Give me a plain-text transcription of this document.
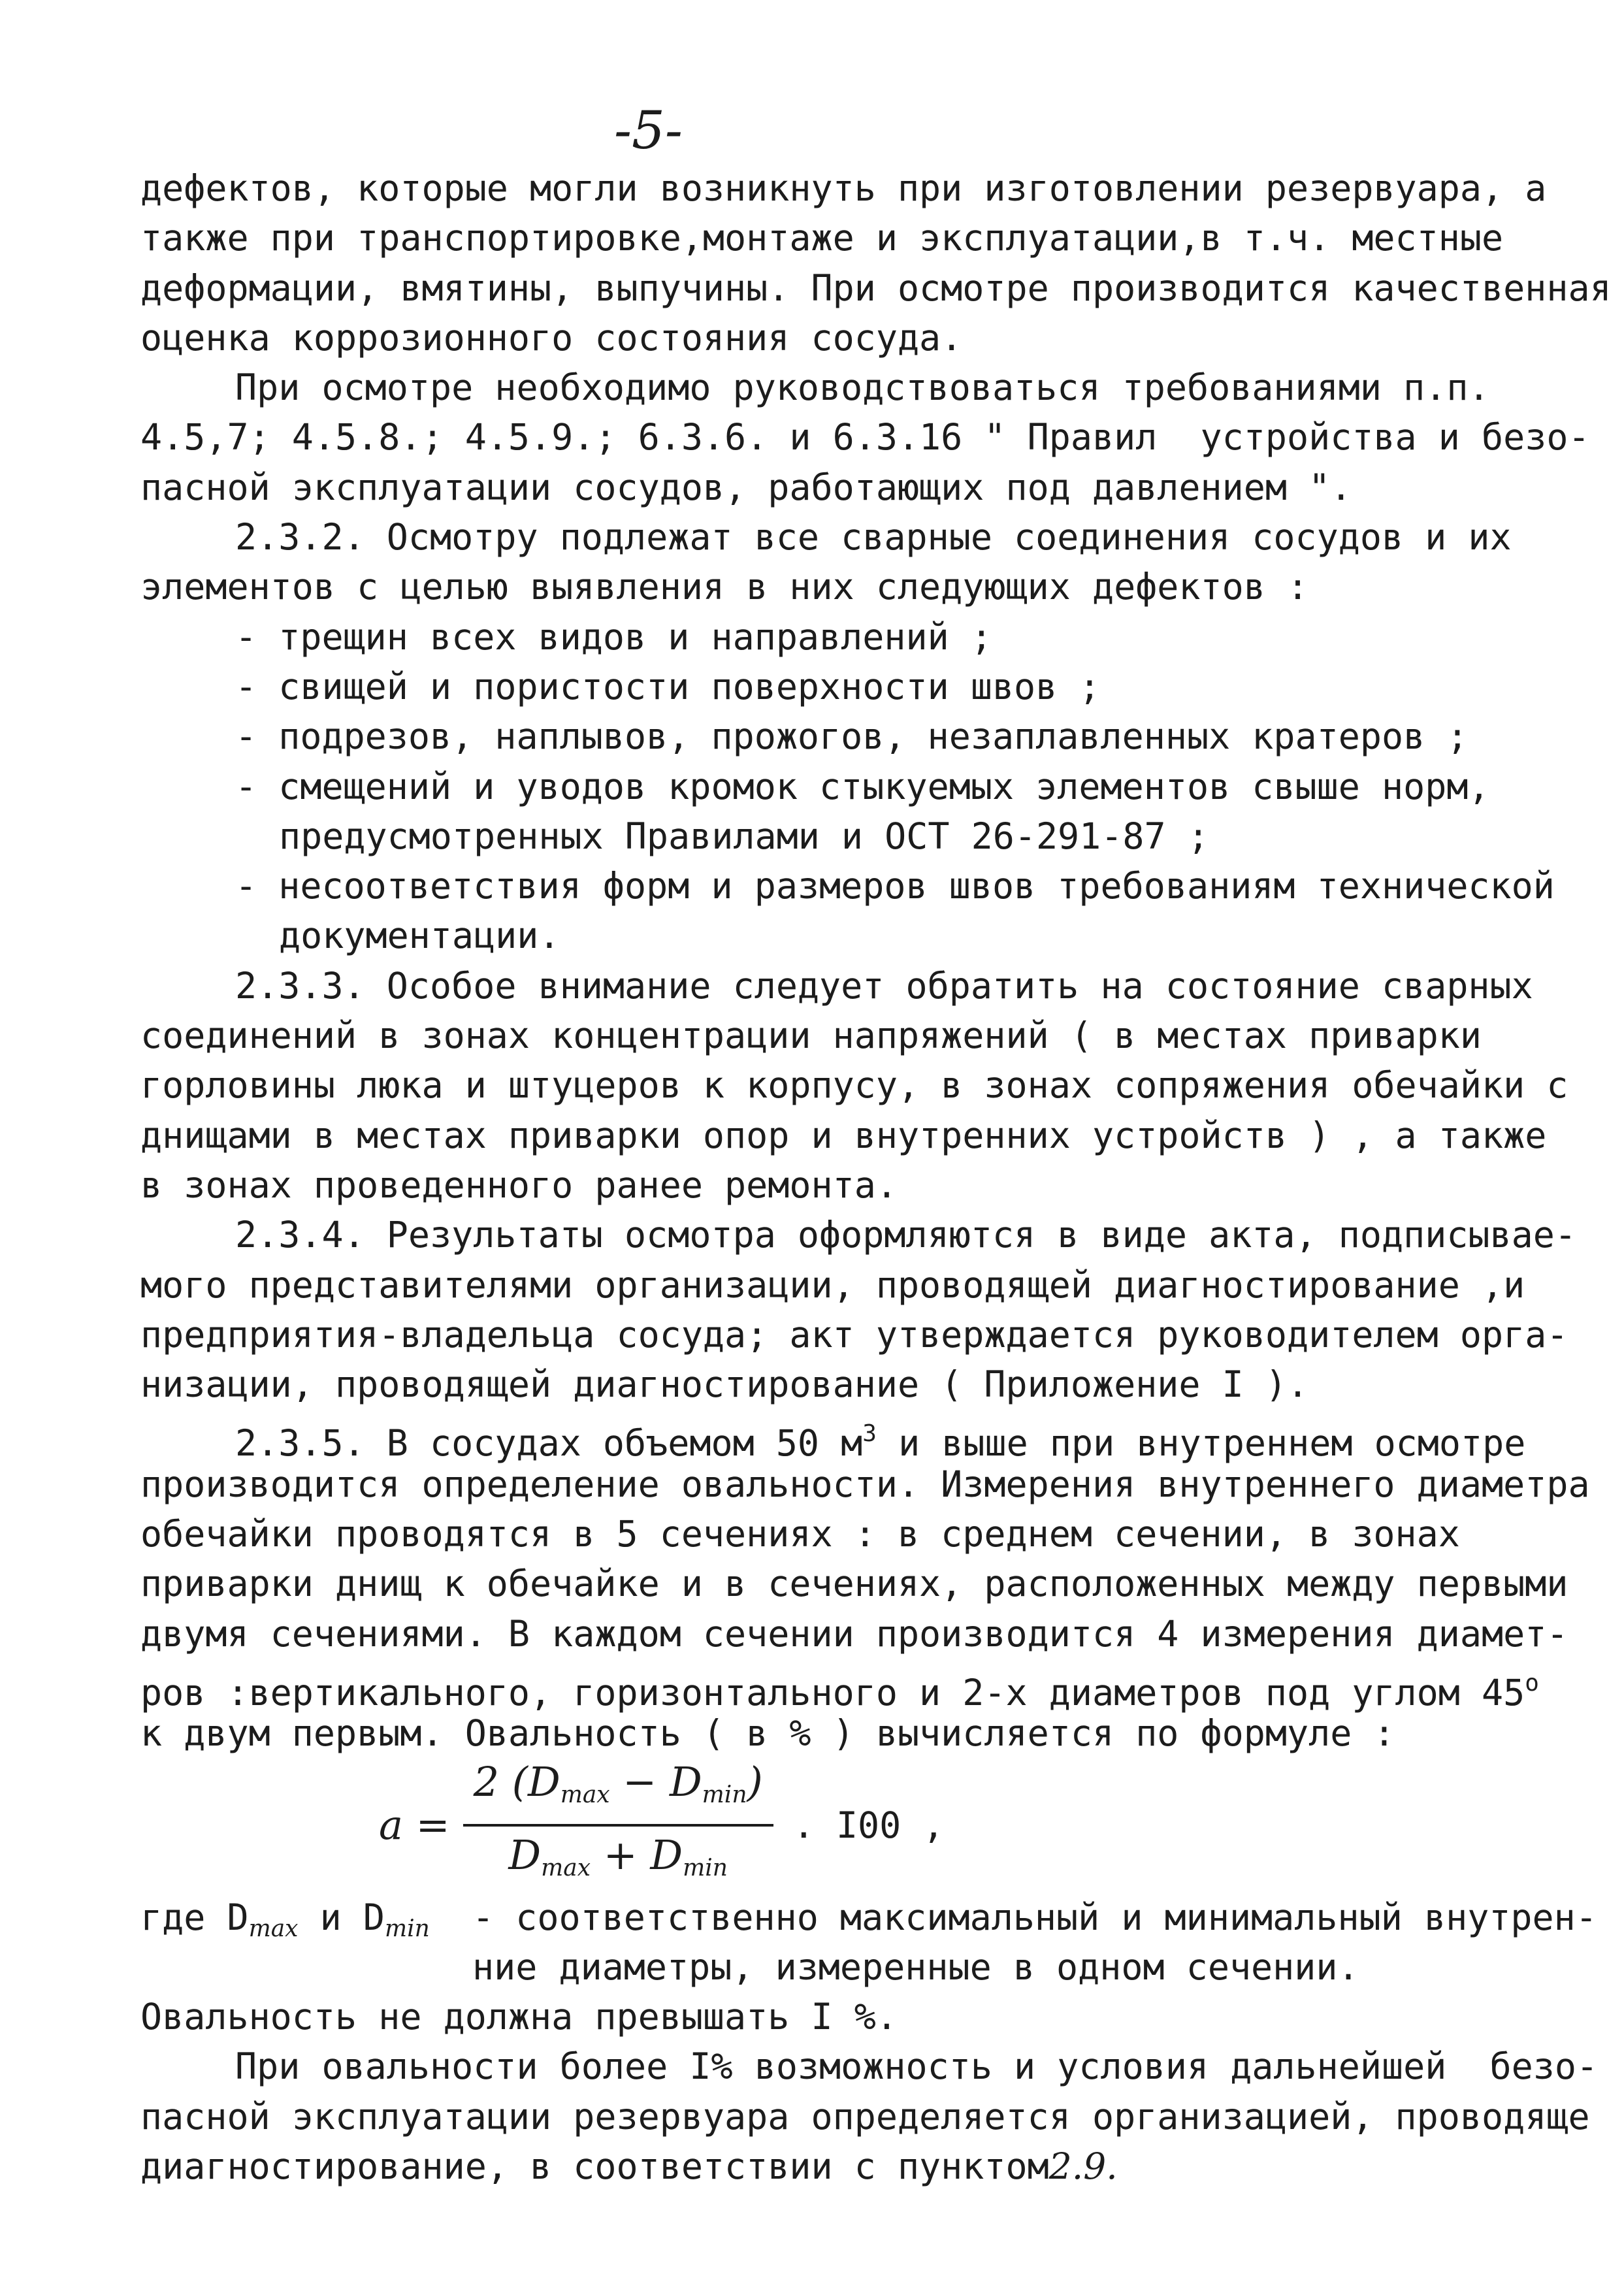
-5-
дефектов, которые могли возникнуть при изготовлении резервуара, а
также при транспортировке,монтаже и эксплуатации,в т.ч. местные
деформации, вмятины, выпучины. При осмотре производится качественная
оценка коррозионного состояния сосуда.
При осмотре необходимо руководствоваться требованиями п.п.
4.5,7; 4.5.8.; 4.5.9.; 6.3.6. и 6.3.16 " Правил  устройства и безо-
пасной эксплуатации сосудов, работающих под давлением ".
2.3.2. Осмотру подлежат все сварные соединения сосудов и их
элементов с целью выявления в них следующих дефектов :
- трещин всех видов и направлений ;
- свищей и пористости поверхности швов ;
- подрезов, наплывов, прожогов, незаплавленных кратеров ;
- смещений и уводов кромок стыкуемых элементов свыше норм,
предусмотренных Правилами и ОСТ 26-291-87 ;
- несоответствия форм и размеров швов требованиям технической
документации.
2.3.3. Особое внимание следует обратить на состояние сварных
соединений в зонах концентрации напряжений ( в местах приварки
горловины люка и штуцеров к корпусу, в зонах сопряжения обечайки с
днищами в местах приварки опор и внутренних устройств ) , а также
в зонах проведенного ранее ремонта.
2.3.4. Результаты осмотра оформляются в виде акта, подписывае-
мого представителями организации, проводящей диагностирование ,и
предприятия-владельца сосуда; акт утверждается руководителем орга-
низации, проводящей диагностирование ( Приложение I ).
2.3.5. В сосудах объемом 50 $м^3$ и выше при внутреннем осмотре
производится определение овальности. Измерения внутреннего диаметра
обечайки проводятся в 5 сечениях : в среднем сечении, в зонах
приварки днищ к обечайке и в сечениях, расположенных между первыми
двумя сечениями. В каждом сечении производится 4 измерения диамет-
ров :вертикального, горизонтального и 2-х диаметров под углом $45^о$
к двум первым. Овальность ( в % ) вычисляется по формуле :
$a = \frac{2 (D_{max} - D_{min})}{D_{max} + D_{min}}$ . I00 ,
где $D_{max}$ и $D_{min}$ - соответственно максимальный и минимальный внутрен-
ние диаметры, измеренные в одном сечении.
Овальность не должна превышать I %.
При овальности более I% возможность и условия дальнейшей  безо-
пасной эксплуатации резервуара определяется организацией, проводяще
диагностирование, в соответствии с пунктом2.9.
